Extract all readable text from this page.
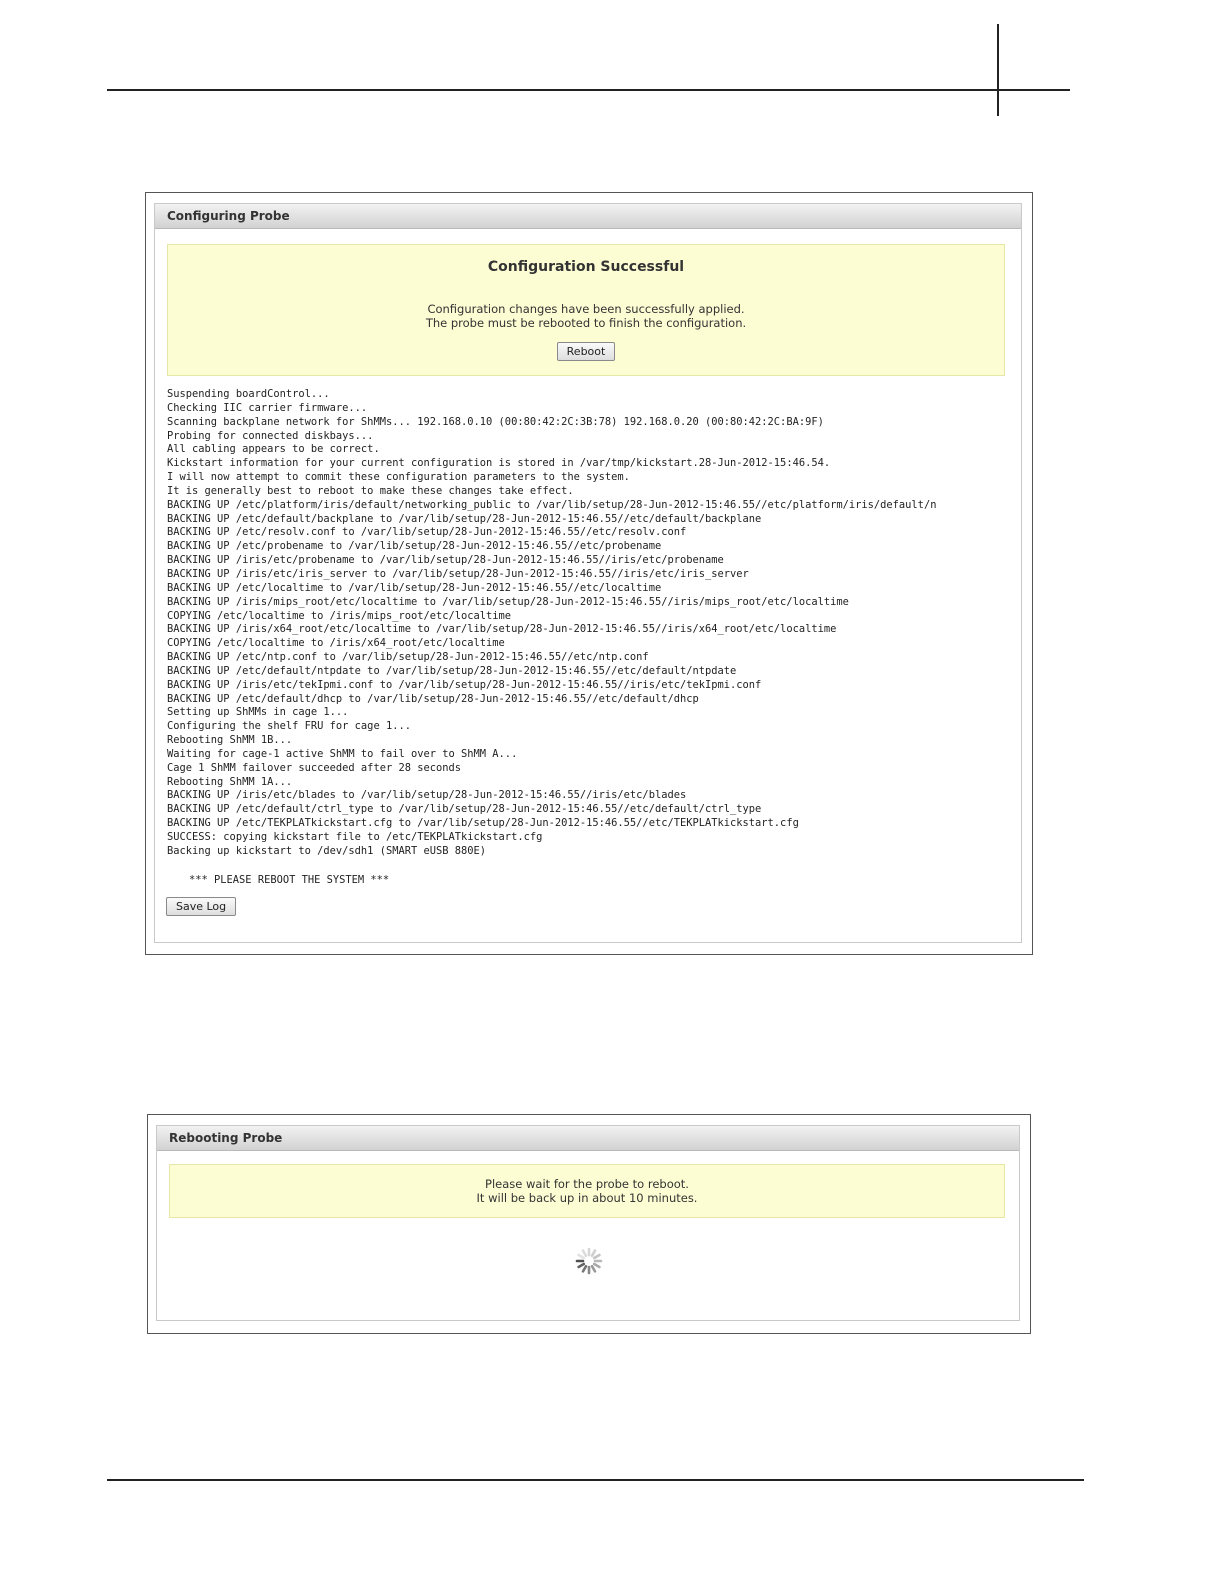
Configuring Probe
Configuration Successful
Configuration changes have been successfully applied.
The probe must be rebooted to finish the configuration.
Reboot
Suspending boardControl...
Checking IIC carrier firmware...
Scanning backplane network for ShMMs... 192.168.0.10 (00:80:42:2C:3B:78) 192.168.0.20 (00:80:42:2C:BA:9F)
Probing for connected diskbays...
All cabling appears to be correct.
Kickstart information for your current configuration is stored in /var/tmp/kickstart.28-Jun-2012-15:46.54.
I will now attempt to commit these configuration parameters to the system.
It is generally best to reboot to make these changes take effect.
BACKING UP /etc/platform/iris/default/networking_public to /var/lib/setup/28-Jun-2012-15:46.55//etc/platform/iris/default/n
BACKING UP /etc/default/backplane to /var/lib/setup/28-Jun-2012-15:46.55//etc/default/backplane
BACKING UP /etc/resolv.conf to /var/lib/setup/28-Jun-2012-15:46.55//etc/resolv.conf
BACKING UP /etc/probename to /var/lib/setup/28-Jun-2012-15:46.55//etc/probename
BACKING UP /iris/etc/probename to /var/lib/setup/28-Jun-2012-15:46.55//iris/etc/probename
BACKING UP /iris/etc/iris_server to /var/lib/setup/28-Jun-2012-15:46.55//iris/etc/iris_server
BACKING UP /etc/localtime to /var/lib/setup/28-Jun-2012-15:46.55//etc/localtime
BACKING UP /iris/mips_root/etc/localtime to /var/lib/setup/28-Jun-2012-15:46.55//iris/mips_root/etc/localtime
COPYING /etc/localtime to /iris/mips_root/etc/localtime
BACKING UP /iris/x64_root/etc/localtime to /var/lib/setup/28-Jun-2012-15:46.55//iris/x64_root/etc/localtime
COPYING /etc/localtime to /iris/x64_root/etc/localtime
BACKING UP /etc/ntp.conf to /var/lib/setup/28-Jun-2012-15:46.55//etc/ntp.conf
BACKING UP /etc/default/ntpdate to /var/lib/setup/28-Jun-2012-15:46.55//etc/default/ntpdate
BACKING UP /iris/etc/tekIpmi.conf to /var/lib/setup/28-Jun-2012-15:46.55//iris/etc/tekIpmi.conf
BACKING UP /etc/default/dhcp to /var/lib/setup/28-Jun-2012-15:46.55//etc/default/dhcp
Setting up ShMMs in cage 1...
Configuring the shelf FRU for cage 1...
Rebooting ShMM 1B...
Waiting for cage-1 active ShMM to fail over to ShMM A...
Cage 1 ShMM failover succeeded after 28 seconds
Rebooting ShMM 1A...
BACKING UP /iris/etc/blades to /var/lib/setup/28-Jun-2012-15:46.55//iris/etc/blades
BACKING UP /etc/default/ctrl_type to /var/lib/setup/28-Jun-2012-15:46.55//etc/default/ctrl_type
BACKING UP /etc/TEKPLATkickstart.cfg to /var/lib/setup/28-Jun-2012-15:46.55//etc/TEKPLATkickstart.cfg
SUCCESS: copying kickstart file to /etc/TEKPLATkickstart.cfg
Backing up kickstart to /dev/sdh1 (SMART eUSB 880E)
*** PLEASE REBOOT THE SYSTEM ***
Save Log
Rebooting Probe
Please wait for the probe to reboot.
It will be back up in about 10 minutes.
